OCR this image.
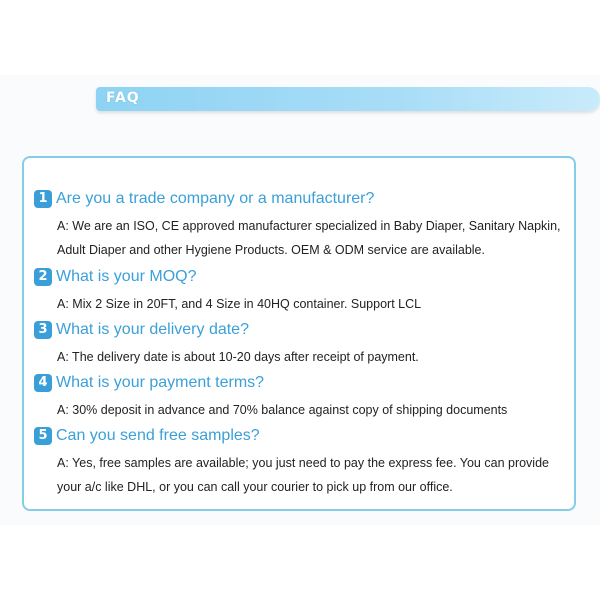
FAQ
1 Are you a trade company or a manufacturer?
A: We are an ISO, CE approved manufacturer specialized in Baby Diaper, Sanitary Napkin, Adult Diaper and other Hygiene Products. OEM & ODM service are available.
2 What is your MOQ?
A: Mix 2 Size in 20FT, and 4 Size in 40HQ container. Support LCL
3 What is your delivery date?
A: The delivery date is about 10-20 days after receipt of payment.
4 What is your payment terms?
A: 30% deposit in advance and 70% balance against copy of shipping documents
5 Can you send free samples?
A: Yes, free samples are available; you just need to pay the express fee. You can provide your a/c like DHL, or you can call your courier to pick up from our office.
